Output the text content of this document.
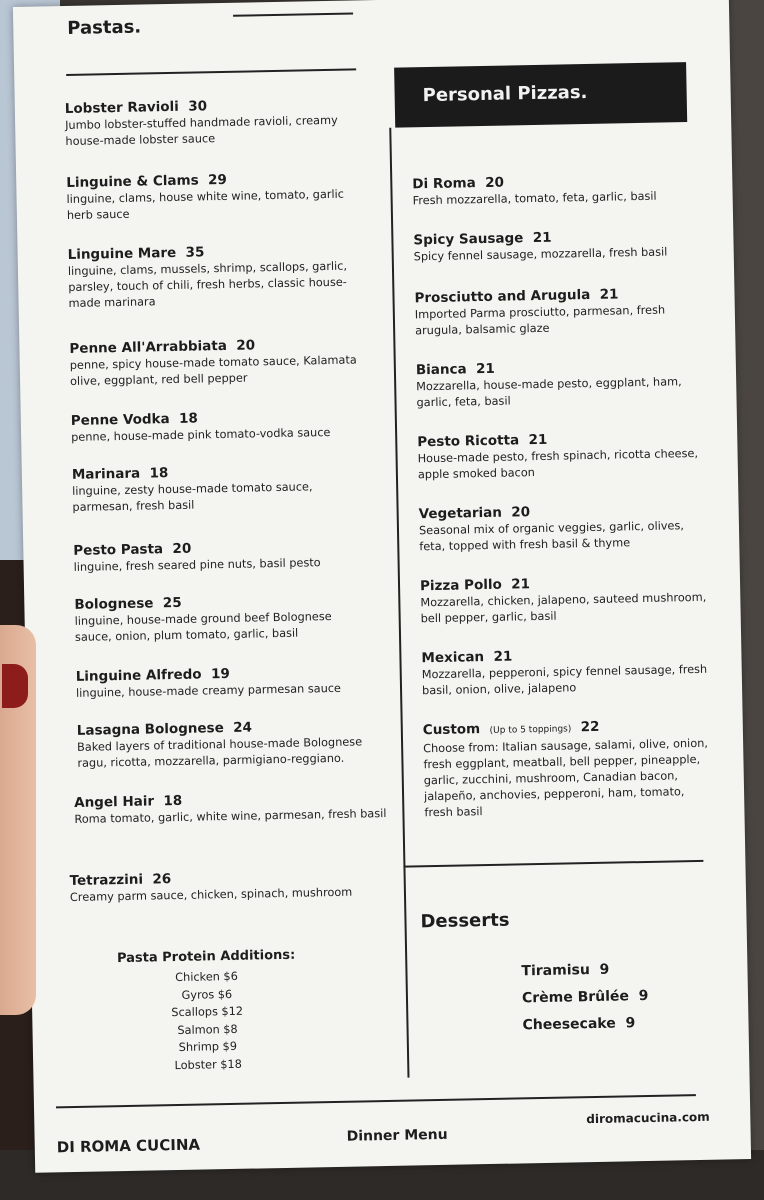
Pastas.
Lobster Ravioli 30
Jumbo lobster-stuffed handmade ravioli, creamy house-made lobster sauce
Linguine & Clams 29
linguine, clams, house white wine, tomato, garlic herb sauce
Linguine Mare 35
linguine, clams, mussels, shrimp, scallops, garlic, parsley, touch of chili, fresh herbs, classic house-made marinara
Penne All'Arrabbiata 20
penne, spicy house-made tomato sauce, Kalamata olive, eggplant, red bell pepper
Penne Vodka 18
penne, house-made pink tomato-vodka sauce
Marinara 18
linguine, zesty house-made tomato sauce, parmesan, fresh basil
Pesto Pasta 20
linguine, fresh seared pine nuts, basil pesto
Bolognese 25
linguine, house-made ground beef Bolognese sauce, onion, plum tomato, garlic, basil
Linguine Alfredo 19
linguine, house-made creamy parmesan sauce
Lasagna Bolognese 24
Baked layers of traditional house-made Bolognese ragu, ricotta, mozzarella, parmigiano-reggiano.
Angel Hair 18
Roma tomato, garlic, white wine, parmesan, fresh basil
Tetrazzini 26
Creamy parm sauce, chicken, spinach, mushroom
Pasta Protein Additions:
Chicken $6
Gyros $6
Scallops $12
Salmon $8
Shrimp $9
Lobster $18
Personal Pizzas.
Di Roma 20
Fresh mozzarella, tomato, feta, garlic, basil
Spicy Sausage 21
Spicy fennel sausage, mozzarella, fresh basil
Prosciutto and Arugula 21
Imported Parma prosciutto, parmesan, fresh arugula, balsamic glaze
Bianca 21
Mozzarella, house-made pesto, eggplant, ham, garlic, feta, basil
Pesto Ricotta 21
House-made pesto, fresh spinach, ricotta cheese, apple smoked bacon
Vegetarian 20
Seasonal mix of organic veggies, garlic, olives, feta, topped with fresh basil & thyme
Pizza Pollo 21
Mozzarella, chicken, jalapeno, sauteed mushroom, bell pepper, garlic, basil
Mexican 21
Mozzarella, pepperoni, spicy fennel sausage, fresh basil, onion, olive, jalapeno
Custom (Up to 5 toppings) 22
Choose from: Italian sausage, salami, olive, onion, fresh eggplant, meatball, bell pepper, pineapple, garlic, zucchini, mushroom, Canadian bacon, jalapeño, anchovies, pepperoni, ham, tomato, fresh basil
Desserts
Tiramisu 9
Crème Brûlée 9
Cheesecake 9
DI ROMA CUCINA	Dinner Menu
diromacucina.com
